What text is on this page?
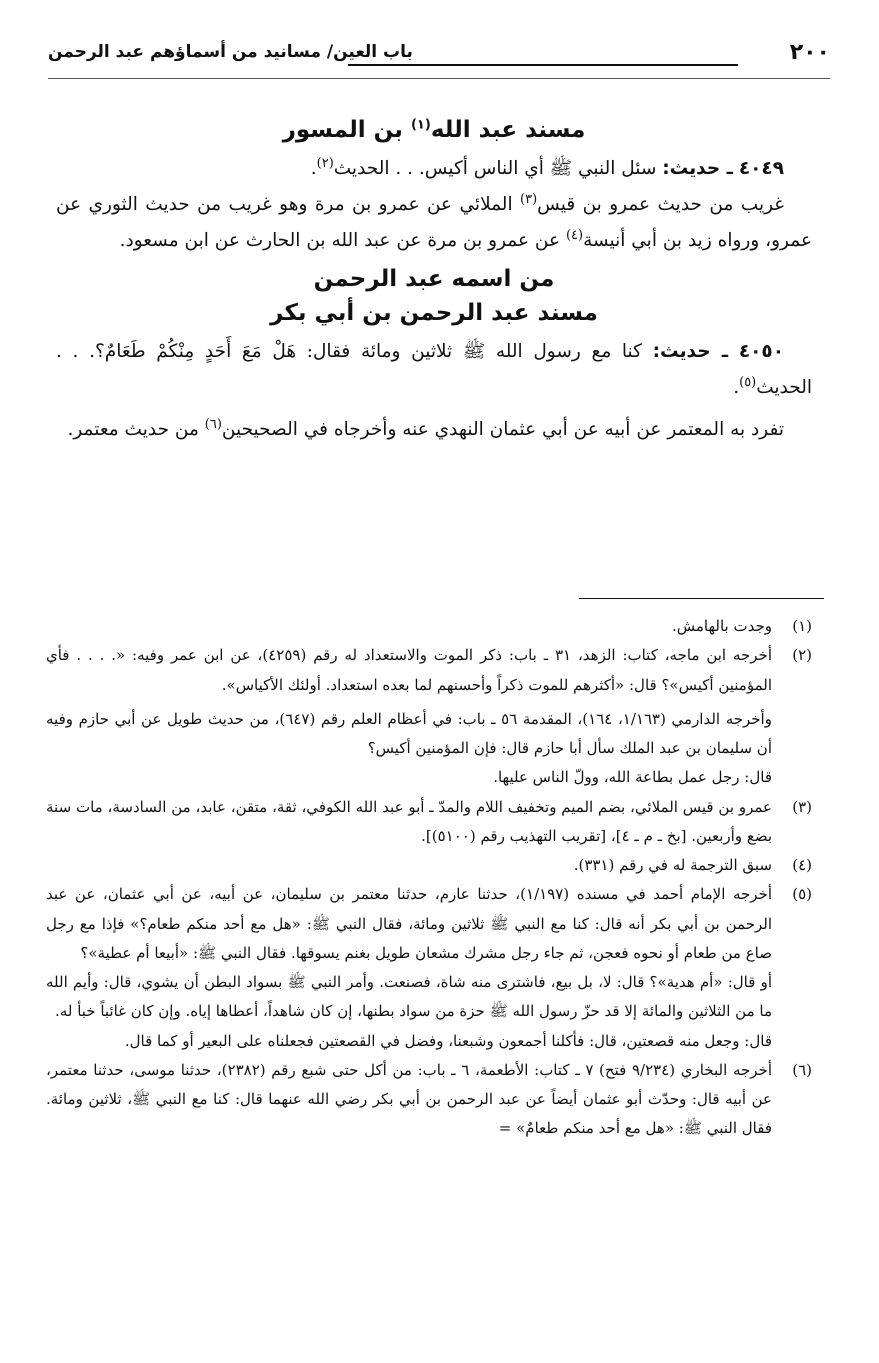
٢٠٠
باب العين/ مسانيد من أسماؤهم عبد الرحمن
مسند عبد الله$^{(١)}$ بن المسور

٤٠٤٩ ـ حديث: سئل النبي ﷺ أي الناس أكيس. . . الحديث$^{(٢)}$.

غريب من حديث عمرو بن قيس$^{(٣)}$ الملائي عن عمرو بن مرة وهو غريب من حديث الثوري عن عمرو، ورواه زيد بن أبي أنيسة$^{(٤)}$ عن عمرو بن مرة عن عبد الله بن الحارث عن ابن مسعود.

من اسمه عبد الرحمن
مسند عبد الرحمن بن أبي بكر

٤٠٥٠ ـ حديث: كنا مع رسول الله ﷺ ثلاثين ومائة فقال: هَلْ مَعَ أَحَدٍ مِنْكُمْ طَعَامٌ؟. . . الحديث$^{(٥)}$.

تفرد به المعتمر عن أبيه عن أبي عثمان النهدي عنه وأخرجاه في الصحيحين$^{(٦)}$ من حديث معتمر.

(١)

وجدت بالهامش.

(٢)

أخرجه ابن ماجه، كتاب: الزهد، ٣١ ـ باب: ذكر الموت والاستعداد له رقم (٤٢٥٩)، عن ابن عمر وفيه: «. . . . فأي المؤمنين أكيس»؟ قال: «أكثرهم للموت ذكراً وأحسنهم لما بعده استعداد. أولئك الأكياس».

وأخرجه الدارمي (١/١٦٣، ١٦٤)، المقدمة ٥٦ ـ باب: في أعظام العلم رقم (٦٤٧)، من حديث طويل عن أبي حازم وفيه أن سليمان بن عبد الملك سأل أبا حازم قال: فإن المؤمنين أكيس؟

قال: رجل عمل بطاعة الله، وولّ الناس عليها.

(٣)

عمرو بن قيس الملائي، بضم الميم وتخفيف اللام والمدّ ـ أبو عبد الله الكوفي، ثقة، متقن، عابد، من السادسة، مات سنة بضع وأربعين. [بخ ـ م ـ ٤]، [تقريب التهذيب رقم (٥١٠٠)].

(٤)

سبق الترجمة له في رقم (٣٣١).

(٥)

أخرجه الإمام أحمد في مسنده (١/١٩٧)، حدثنا عارم، حدثنا معتمر بن سليمان، عن أبيه، عن أبي عثمان، عن عبد الرحمن بن أبي بكر أنه قال: كنا مع النبي ﷺ ثلاثين ومائة، فقال النبي ﷺ: «هل مع أحد منكم طعام؟» فإذا مع رجل صاع من طعام أو نحوه فعجن، ثم جاء رجل مشرك مشعان طويل بغنم يسوقها. فقال النبي ﷺ: «أبيعا أم عطية»؟

أو قال: «أم هدية»؟ قال: لا، بل بيع، فاشترى منه شاة، فصنعت. وأمر النبي ﷺ بسواد البطن أن يشوي، قال: وأيم الله ما من الثلاثين والمائة إلا قد حزّ رسول الله ﷺ حزة من سواد بطنها، إن كان شاهداً، أعطاها إياه. وإن كان غائباً خبأ له.

قال: وجعل منه قصعتين، قال: فأكلنا أجمعون وشبعنا، وفضل في القصعتين فجعلناه على البعير أو كما قال.

(٦)

أخرجه البخاري (٩/٢٣٤ فتح) ٧ ـ كتاب: الأطعمة، ٦ ـ باب: من أكل حتى شبع رقم (٢٣٨٢)، حدثنا موسى، حدثنا معتمر، عن أبيه قال: وحدّث أبو عثمان أيضاً عن عبد الرحمن بن أبي بكر رضي الله عنهما قال: كنا مع النبي ﷺ، ثلاثين ومائة. فقال النبي ﷺ: «هل مع أحد منكم طعامٌ» =
